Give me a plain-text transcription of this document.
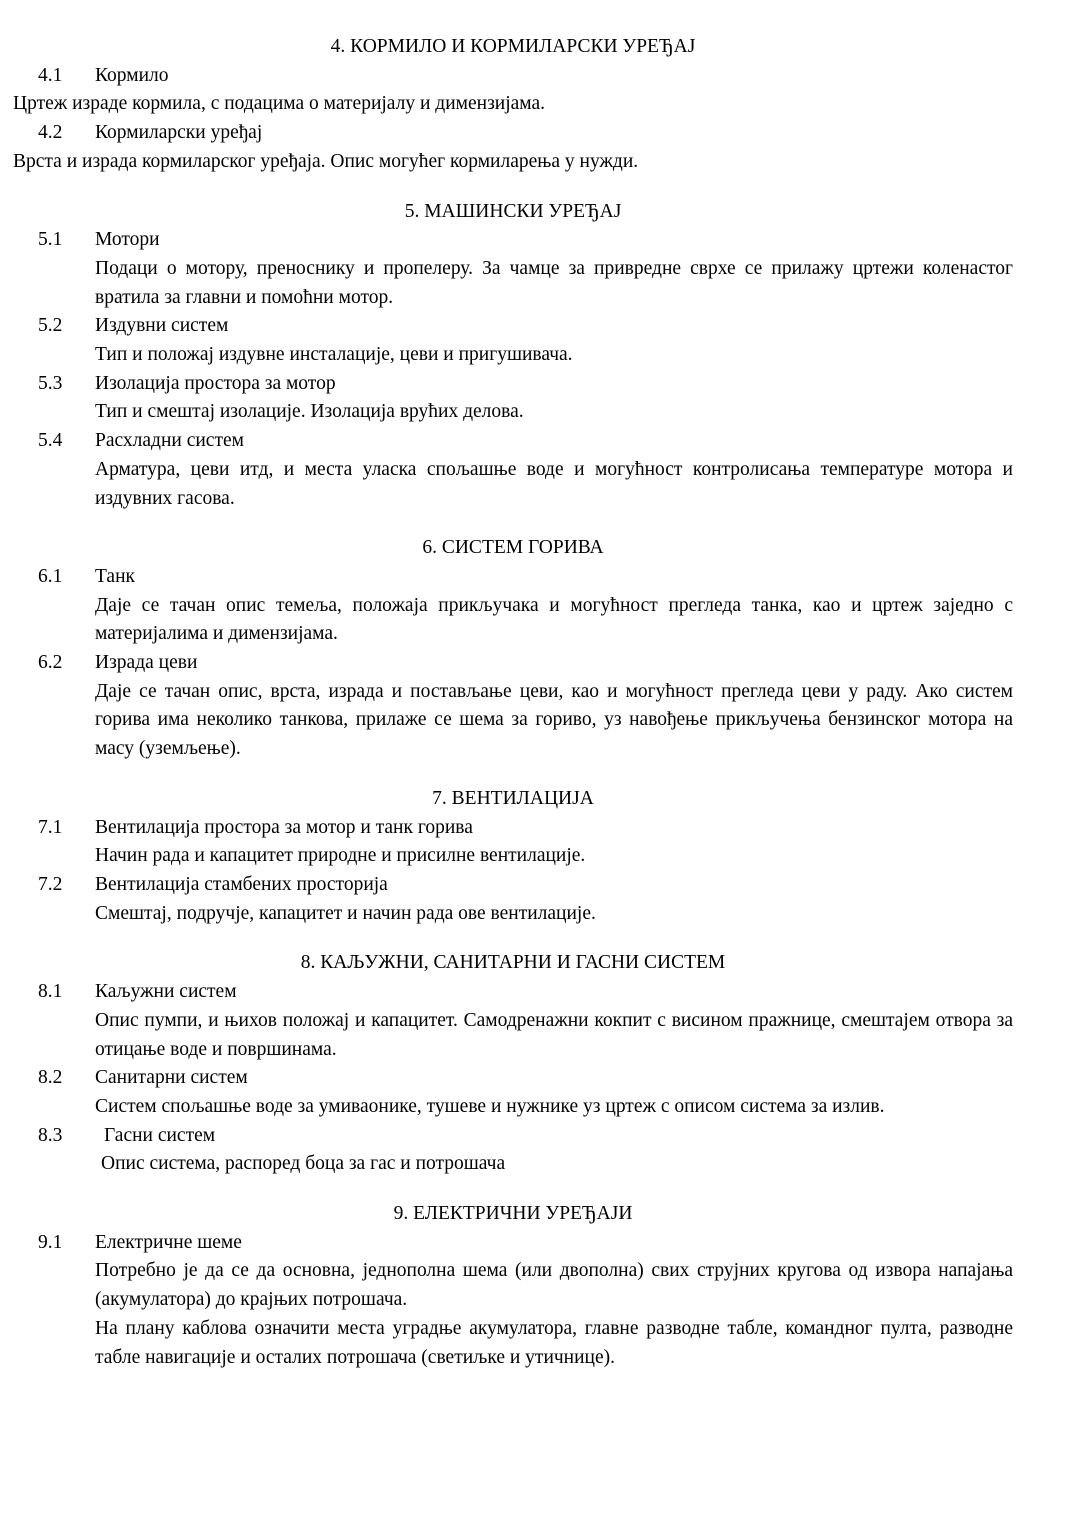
4. КОРМИЛО И КОРМИЛАРСКИ УРЕЂАЈ
4.1	Кормило

Цртеж израде кормила, с подацима о материјалу и димензијама.

4.2	Кормиларски уређај

Врста и израда кормиларског уређаја. Опис могућег кормиларења у нужди.

5. МАШИНСКИ УРЕЂАЈ
5.1	Мотори

Подаци о мотору, преноснику и пропелеру. За чамце за привредне сврхе се прилажу цртежи коленастог вратила за главни и помоћни мотор.

5.2	Издувни систем

Тип и положај издувне инсталације, цеви и пригушивача.

5.3	Изолација простора за мотор

Тип и смештај изолације. Изолација врућих делова.

5.4	Расхладни систем

Арматура, цеви итд, и места уласка спољашње воде и могућност контролисања температуре мотора и издувних гасова.

6. СИСТЕМ ГОРИВА
6.1	Танк

Даје се тачан опис темеља, положаја прикључака и могућност прегледа танка, као и цртеж заједно с материјалима и димензијама.

6.2	Израда цеви

Даје се тачан опис, врста, израда и постављање цеви, као и могућност прегледа цеви у раду. Ако систем горива има неколико танкова, прилаже се шема за гориво, уз навођење прикључења бензинског мотора на масу (уземљење).

7. ВЕНТИЛАЦИЈА
7.1	Вентилација простора за мотор и танк горива

Начин рада и капацитет природне и присилне вентилације.

7.2	Вентилација стамбених просторија

Смештај, подручје, капацитет и начин рада ове вентилације.

8. КАЉУЖНИ, САНИТАРНИ И ГАСНИ СИСТЕМ
8.1	Каљужни систем

Опис пумпи, и њихов положај и капацитет. Самодренажни кокпит с висином пражнице, смештајем отвора за отицање воде и површинама.

8.2	Санитарни систем

Систем спољашње воде за умиваонике, тушеве и нужнике уз цртеж с описом система за излив.

8.3	Гасни систем

Опис система, распоред боца за гас и потрошача

9. ЕЛЕКТРИЧНИ УРЕЂАЈИ
9.1	Електричне шеме

Потребно је да се да основна, једнополна шема (или двополна) свих струјних кругова од извора напајања (акумулатора) до крајњих потрошача.

На плану каблова означити места уградње акумулатора, главне разводне табле, командног пулта, разводне табле навигације и осталих потрошача (светиљке и утичнице).
